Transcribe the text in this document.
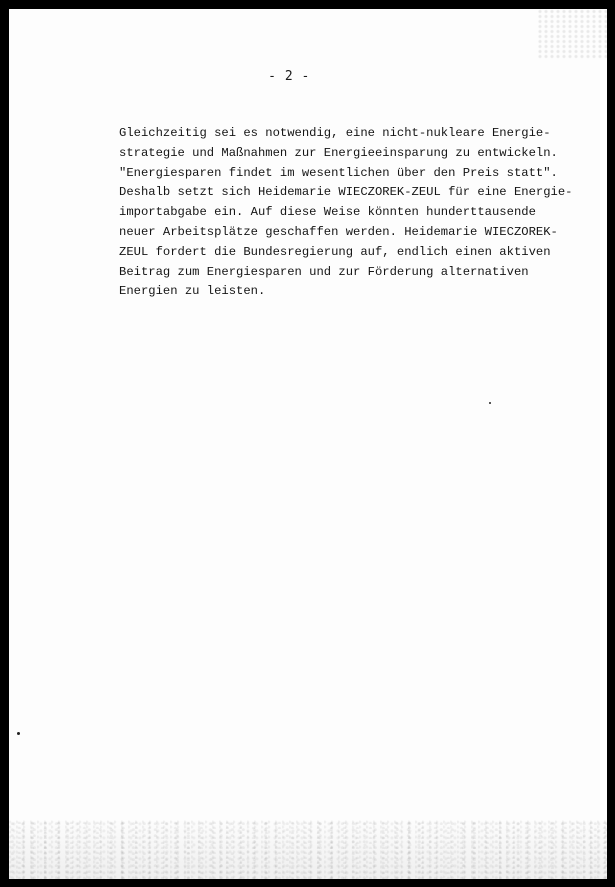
- 2 -
Gleichzeitig sei es notwendig, eine nicht-nukleare Energie-
strategie und Maßnahmen zur Energieeinsparung zu entwickeln.
"Energiesparen findet im wesentlichen über den Preis statt".
Deshalb setzt sich Heidemarie WIECZOREK-ZEUL für eine Energie-
importabgabe ein. Auf diese Weise könnten hunderttausende
neuer Arbeitsplätze geschaffen werden. Heidemarie WIECZOREK-
ZEUL fordert die Bundesregierung auf, endlich einen aktiven
Beitrag zum Energiesparen und zur Förderung alternativen
Energien zu leisten.
